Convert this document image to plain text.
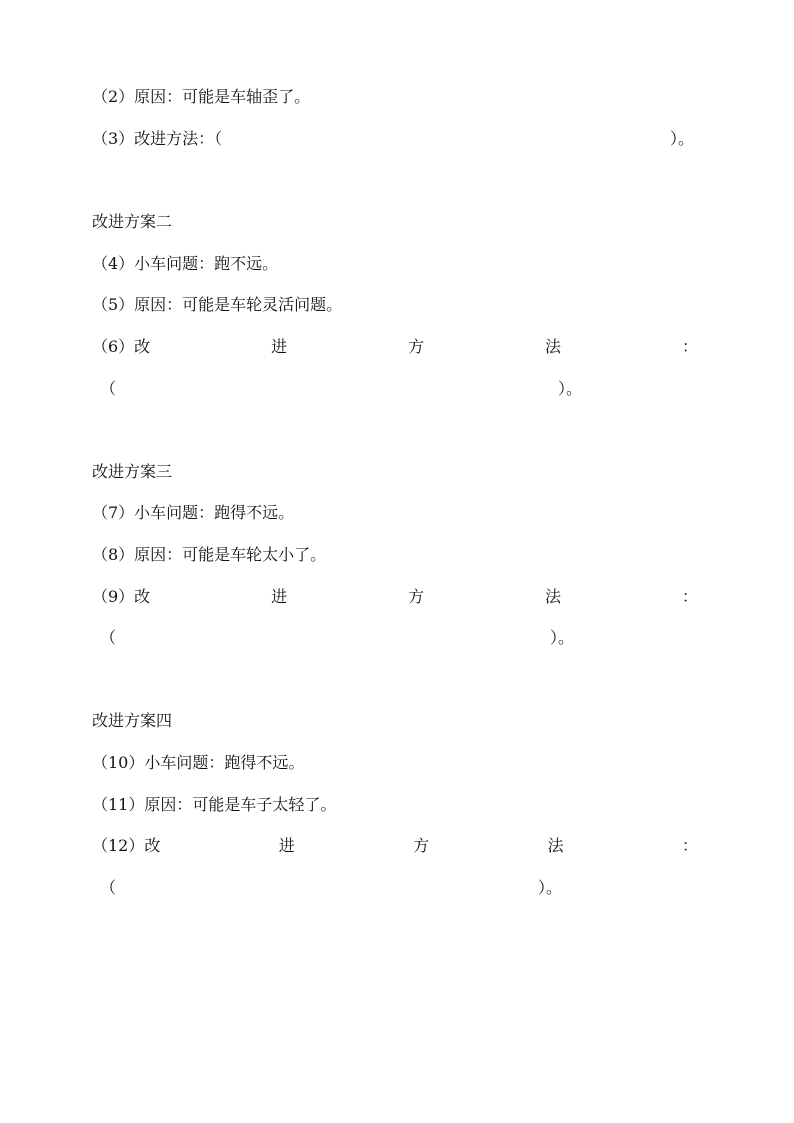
（2）原因：可能是车轴歪了。
（3）改进方法：（	）。
改进方案二
（4）小车问题：跑不远。
（5）原因：可能是车轮灵活问题。
（6）改	进	方	法	：
（	）。
改进方案三
（7）小车问题：跑得不远。
（8）原因：可能是车轮太小了。
（9）改	进	方	法	：
（	）。
改进方案四
（10）小车问题：跑得不远。
（11）原因：可能是车子太轻了。
（12）改	进	方	法	：
（	）。
